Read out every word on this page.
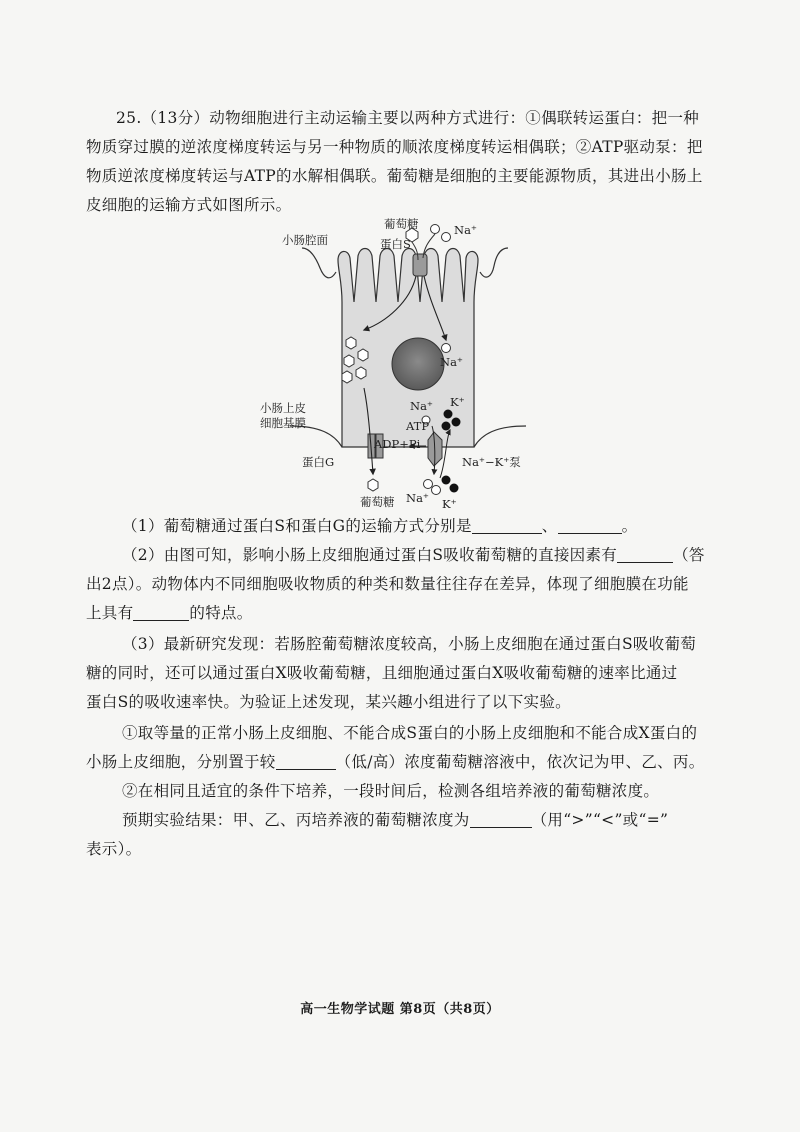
25.（13分）动物细胞进行主动运输主要以两种方式进行：①偶联转运蛋白：把一种
物质穿过膜的逆浓度梯度转运与另一种物质的顺浓度梯度转运相偶联；②ATP驱动泵：把
物质逆浓度梯度转运与ATP的水解相偶联。葡萄糖是细胞的主要能源物质，其进出小肠上
皮细胞的运输方式如图所示。
葡萄糖
蛋白S
Na⁺
小肠腔面
Na⁺
小肠上皮
细胞基膜
Na⁺ K⁺
ATP
ADP+Pi
蛋白G	Na⁺−K⁺泵
葡萄糖 Na⁺ K⁺
（1）葡萄糖通过蛋白S和蛋白G的运输方式分别是	、	。
（2）由图可知，影响小肠上皮细胞通过蛋白S吸收葡萄糖的直接因素有	（答
出2点）。动物体内不同细胞吸收物质的种类和数量往往存在差异，体现了细胞膜在功能
上具有	的特点。
（3）最新研究发现：若肠腔葡萄糖浓度较高，小肠上皮细胞在通过蛋白S吸收葡萄
糖的同时，还可以通过蛋白X吸收葡萄糖，且细胞通过蛋白X吸收葡萄糖的速率比通过
蛋白S的吸收速率快。为验证上述发现，某兴趣小组进行了以下实验。
①取等量的正常小肠上皮细胞、不能合成S蛋白的小肠上皮细胞和不能合成X蛋白的
小肠上皮细胞，分别置于较	（低/高）浓度葡萄糖溶液中，依次记为甲、乙、丙。
②在相同且适宜的条件下培养，一段时间后，检测各组培养液的葡萄糖浓度。
预期实验结果：甲、乙、丙培养液的葡萄糖浓度为	（用“>”“<”或“=”
表示）。
高一生物学试题 第8页（共8页）
